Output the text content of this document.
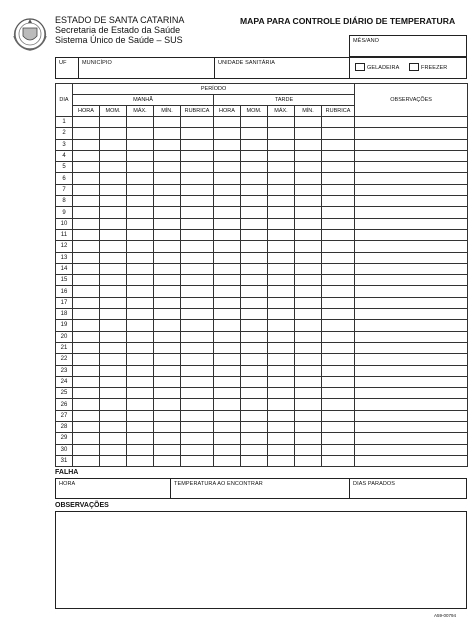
ESTADO DE SANTA CATARINA
Secretaria de Estado da Saúde
Sistema Único de Saúde – SUS
MAPA PARA CONTROLE DIÁRIO DE TEMPERATURA
MÊS/ANO
UF	MUNICÍPIO	UNIDADE SANITÁRIA
GELADEIRA	FREEZER
DIA	PERÍODO										OBSERVAÇÕES
	MANHÃ					TARDE					
	HORA	MOM.	MÁX.	MÍN.	RUBRICA	HORA	MOM.	MÁX.	MÍN.	RUBRICA	
1											
2											
3											
4											
5											
6											
7											
8											
9											
10											
11											
12											
13											
14											
15											
16											
17											
18											
19											
20											
21											
22											
23											
24											
25											
26											
27											
28											
29											
30											
31											
FALHA
HORA	TEMPERATURA AO ENCONTRAR	DIAS PARADOS
OBSERVAÇÕES
A59-00794
